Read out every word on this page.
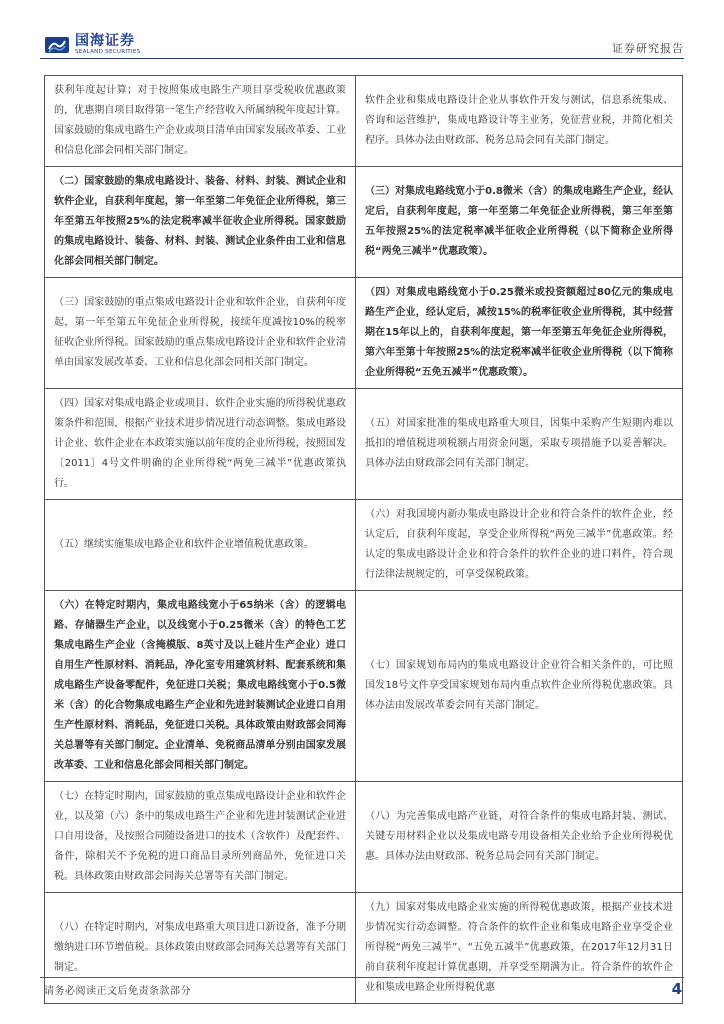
国海证券
SEALAND SECURITIES	证券研究报告
获利年度起计算；对于按照集成电路生产项目享受税收优惠政策的，优惠期自项目取得第一笔生产经营收入所属纳税年度起计算。国家鼓励的集成电路生产企业或项目清单由国家发展改革委、工业和信息化部会同相关部门制定。	软件企业和集成电路设计企业从事软件开发与测试，信息系统集成、咨询和运营维护，集成电路设计等主业务，免征营业税，并简化相关程序。具体办法由财政部、税务总局会同有关部门制定。
（二）国家鼓励的集成电路设计、装备、材料、封装、测试企业和软件企业，自获利年度起，第一年至第二年免征企业所得税，第三年至第五年按照25%的法定税率减半征收企业所得税。国家鼓励的集成电路设计、装备、材料、封装、测试企业条件由工业和信息化部会同相关部门制定。	（三）对集成电路线宽小于0.8微米（含）的集成电路生产企业，经认定后，自获利年度起，第一年至第二年免征企业所得税，第三年至第五年按照25%的法定税率减半征收企业所得税（以下简称企业所得税“两免三减半”优惠政策）。
（三）国家鼓励的重点集成电路设计企业和软件企业，自获利年度起，第一年至第五年免征企业所得税，接续年度减按10%的税率征收企业所得税。国家鼓励的重点集成电路设计企业和软件企业清单由国家发展改革委、工业和信息化部会同相关部门制定。	（四）对集成电路线宽小于0.25微米或投资额超过80亿元的集成电路生产企业，经认定后，减按15%的税率征收企业所得税，其中经营期在15年以上的，自获利年度起，第一年至第五年免征企业所得税，第六年至第十年按照25%的法定税率减半征收企业所得税（以下简称企业所得税“五免五减半”优惠政策）。
（四）国家对集成电路企业或项目、软件企业实施的所得税优惠政策条件和范围，根据产业技术进步情况进行动态调整。集成电路设计企业、软件企业在本政策实施以前年度的企业所得税，按照国发〔2011〕4号文件明确的企业所得税“两免三减半”优惠政策执行。	（五）对国家批准的集成电路重大项目，因集中采购产生短期内难以抵扣的增值税进项税额占用资金问题，采取专项措施予以妥善解决。具体办法由财政部会同有关部门制定。
（五）继续实施集成电路企业和软件企业增值税优惠政策。	（六）对我国境内新办集成电路设计企业和符合条件的软件企业，经认定后，自获利年度起，享受企业所得税“两免三减半”优惠政策。经认定的集成电路设计企业和符合条件的软件企业的进口料件，符合现行法律法规规定的，可享受保税政策。
（六）在特定时期内，集成电路线宽小于65纳米（含）的逻辑电路、存储器生产企业，以及线宽小于0.25微米（含）的特色工艺集成电路生产企业（含掩模版、8英寸及以上硅片生产企业）进口自用生产性原材料、消耗品，净化室专用建筑材料、配套系统和集成电路生产设备零配件，免征进口关税；集成电路线宽小于0.5微米（含）的化合物集成电路生产企业和先进封装测试企业进口自用生产性原材料、消耗品，免征进口关税。具体政策由财政部会同海关总署等有关部门制定。企业清单、免税商品清单分别由国家发展改革委、工业和信息化部会同相关部门制定。	（七）国家规划布局内的集成电路设计企业符合相关条件的，可比照国发18号文件享受国家规划布局内重点软件企业所得税优惠政策。具体办法由发展改革委会同有关部门制定。
（七）在特定时期内，国家鼓励的重点集成电路设计企业和软件企业，以及第（六）条中的集成电路生产企业和先进封装测试企业进口自用设备，及按照合同随设备进口的技术（含软件）及配套件、备件，除相关不予免税的进口商品目录所列商品外，免征进口关税。具体政策由财政部会同海关总署等有关部门制定。	（八）为完善集成电路产业链，对符合条件的集成电路封装、测试、关键专用材料企业以及集成电路专用设备相关企业给予企业所得税优惠。具体办法由财政部、税务总局会同有关部门制定。
（八）在特定时期内，对集成电路重大项目进口新设备，准予分期缴纳进口环节增值税。具体政策由财政部会同海关总署等有关部门制定。	（九）国家对集成电路企业实施的所得税优惠政策，根据产业技术进步情况实行动态调整。符合条件的软件企业和集成电路企业享受企业所得税“两免三减半”、“五免五减半”优惠政策，在2017年12月31日前自获利年度起计算优惠期，并享受至期满为止。符合条件的软件企业和集成电路企业所得税优惠
请务必阅读正文后免责条款部分	4
